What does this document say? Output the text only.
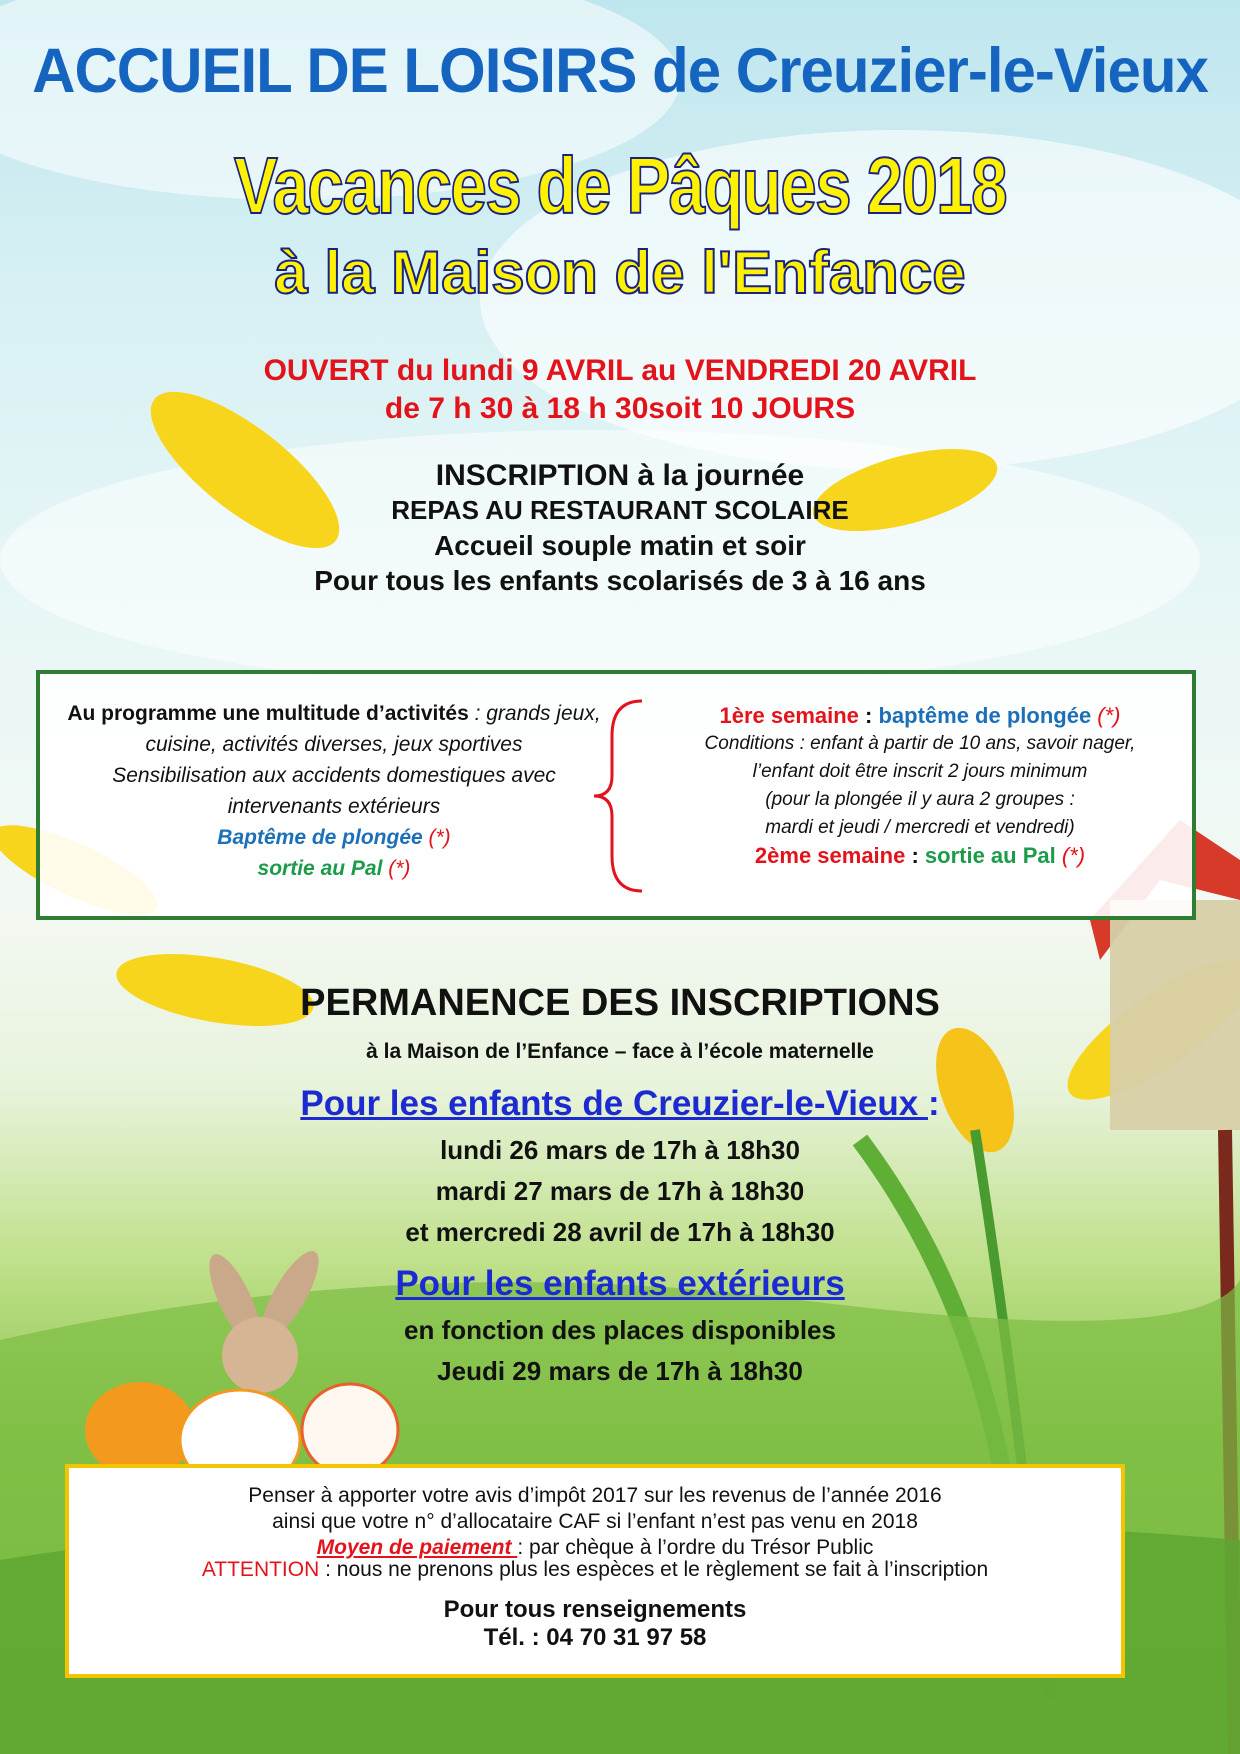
ACCUEIL DE LOISIRS de Creuzier-le-Vieux
Vacances de Pâques 2018
à la Maison de l'Enfance
OUVERT du lundi 9 AVRIL au VENDREDI 20 AVRIL
de 7 h 30 à 18 h 30soit 10 JOURS
INSCRIPTION à la journée
REPAS AU RESTAURANT SCOLAIRE
Accueil souple matin et soir
Pour tous les enfants scolarisés de 3 à 16 ans
Au programme une multitude d’activités : grands jeux, cuisine, activités diverses, jeux sportives
Sensibilisation aux accidents domestiques avec intervenants extérieurs
Baptême de plongée (*)
sortie au Pal (*)
1ère semaine : baptême de plongée (*)
Conditions : enfant à partir de 10 ans, savoir nager,
l’enfant doit être inscrit 2 jours minimum
(pour la plongée il y aura 2 groupes :
mardi et jeudi / mercredi et vendredi)
2ème semaine : sortie au Pal (*)
PERMANENCE DES INSCRIPTIONS
à la Maison de l’Enfance – face à l’école maternelle
Pour les enfants de Creuzier-le-Vieux :
lundi 26 mars de 17h à 18h30
mardi 27 mars de 17h à 18h30
et mercredi 28 avril de 17h à 18h30
Pour les enfants extérieurs
en fonction des places disponibles
Jeudi 29 mars de 17h à 18h30
Penser à apporter votre avis d’impôt 2017 sur les revenus de l’année 2016
ainsi que votre n° d’allocataire CAF si l’enfant n’est pas venu en 2018
Moyen de paiement : par chèque à l’ordre du Trésor Public
ATTENTION : nous ne prenons plus les espèces et le règlement se fait à l’inscription
Pour tous renseignements
Tél. : 04 70 31 97 58
